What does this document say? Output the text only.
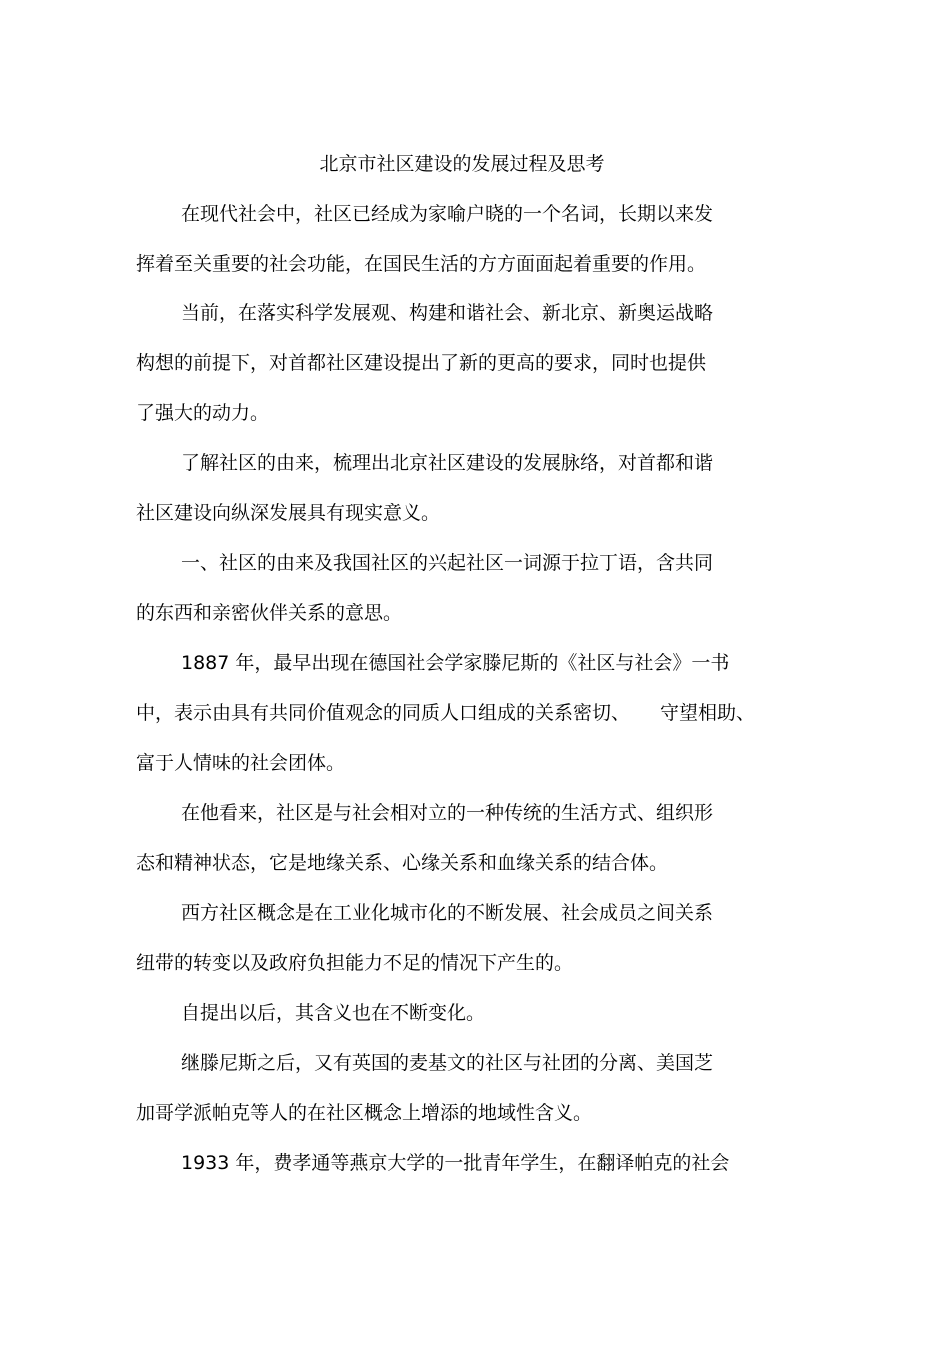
北京市社区建设的发展过程及思考
在现代社会中，社区已经成为家喻户晓的一个名词，长期以来发
挥着至关重要的社会功能，在国民生活的方方面面起着重要的作用。
当前，在落实科学发展观、构建和谐社会、新北京、新奥运战略
构想的前提下，对首都社区建设提出了新的更高的要求，同时也提供
了强大的动力。
了解社区的由来，梳理出北京社区建设的发展脉络，对首都和谐
社区建设向纵深发展具有现实意义。
一、社区的由来及我国社区的兴起社区一词源于拉丁语，含共同
的东西和亲密伙伴关系的意思。
1887 年，最早出现在德国社会学家滕尼斯的《社区与社会》一书
中，表示由具有共同价值观念的同质人口组成的关系密切、 守望相助、
富于人情味的社会团体。
在他看来，社区是与社会相对立的一种传统的生活方式、组织形
态和精神状态，它是地缘关系、心缘关系和血缘关系的结合体。
西方社区概念是在工业化城市化的不断发展、社会成员之间关系
纽带的转变以及政府负担能力不足的情况下产生的。
自提出以后，其含义也在不断变化。
继滕尼斯之后，又有英国的麦基文的社区与社团的分离、美国芝
加哥学派帕克等人的在社区概念上增添的地域性含义。
1933 年，费孝通等燕京大学的一批青年学生，在翻译帕克的社会
